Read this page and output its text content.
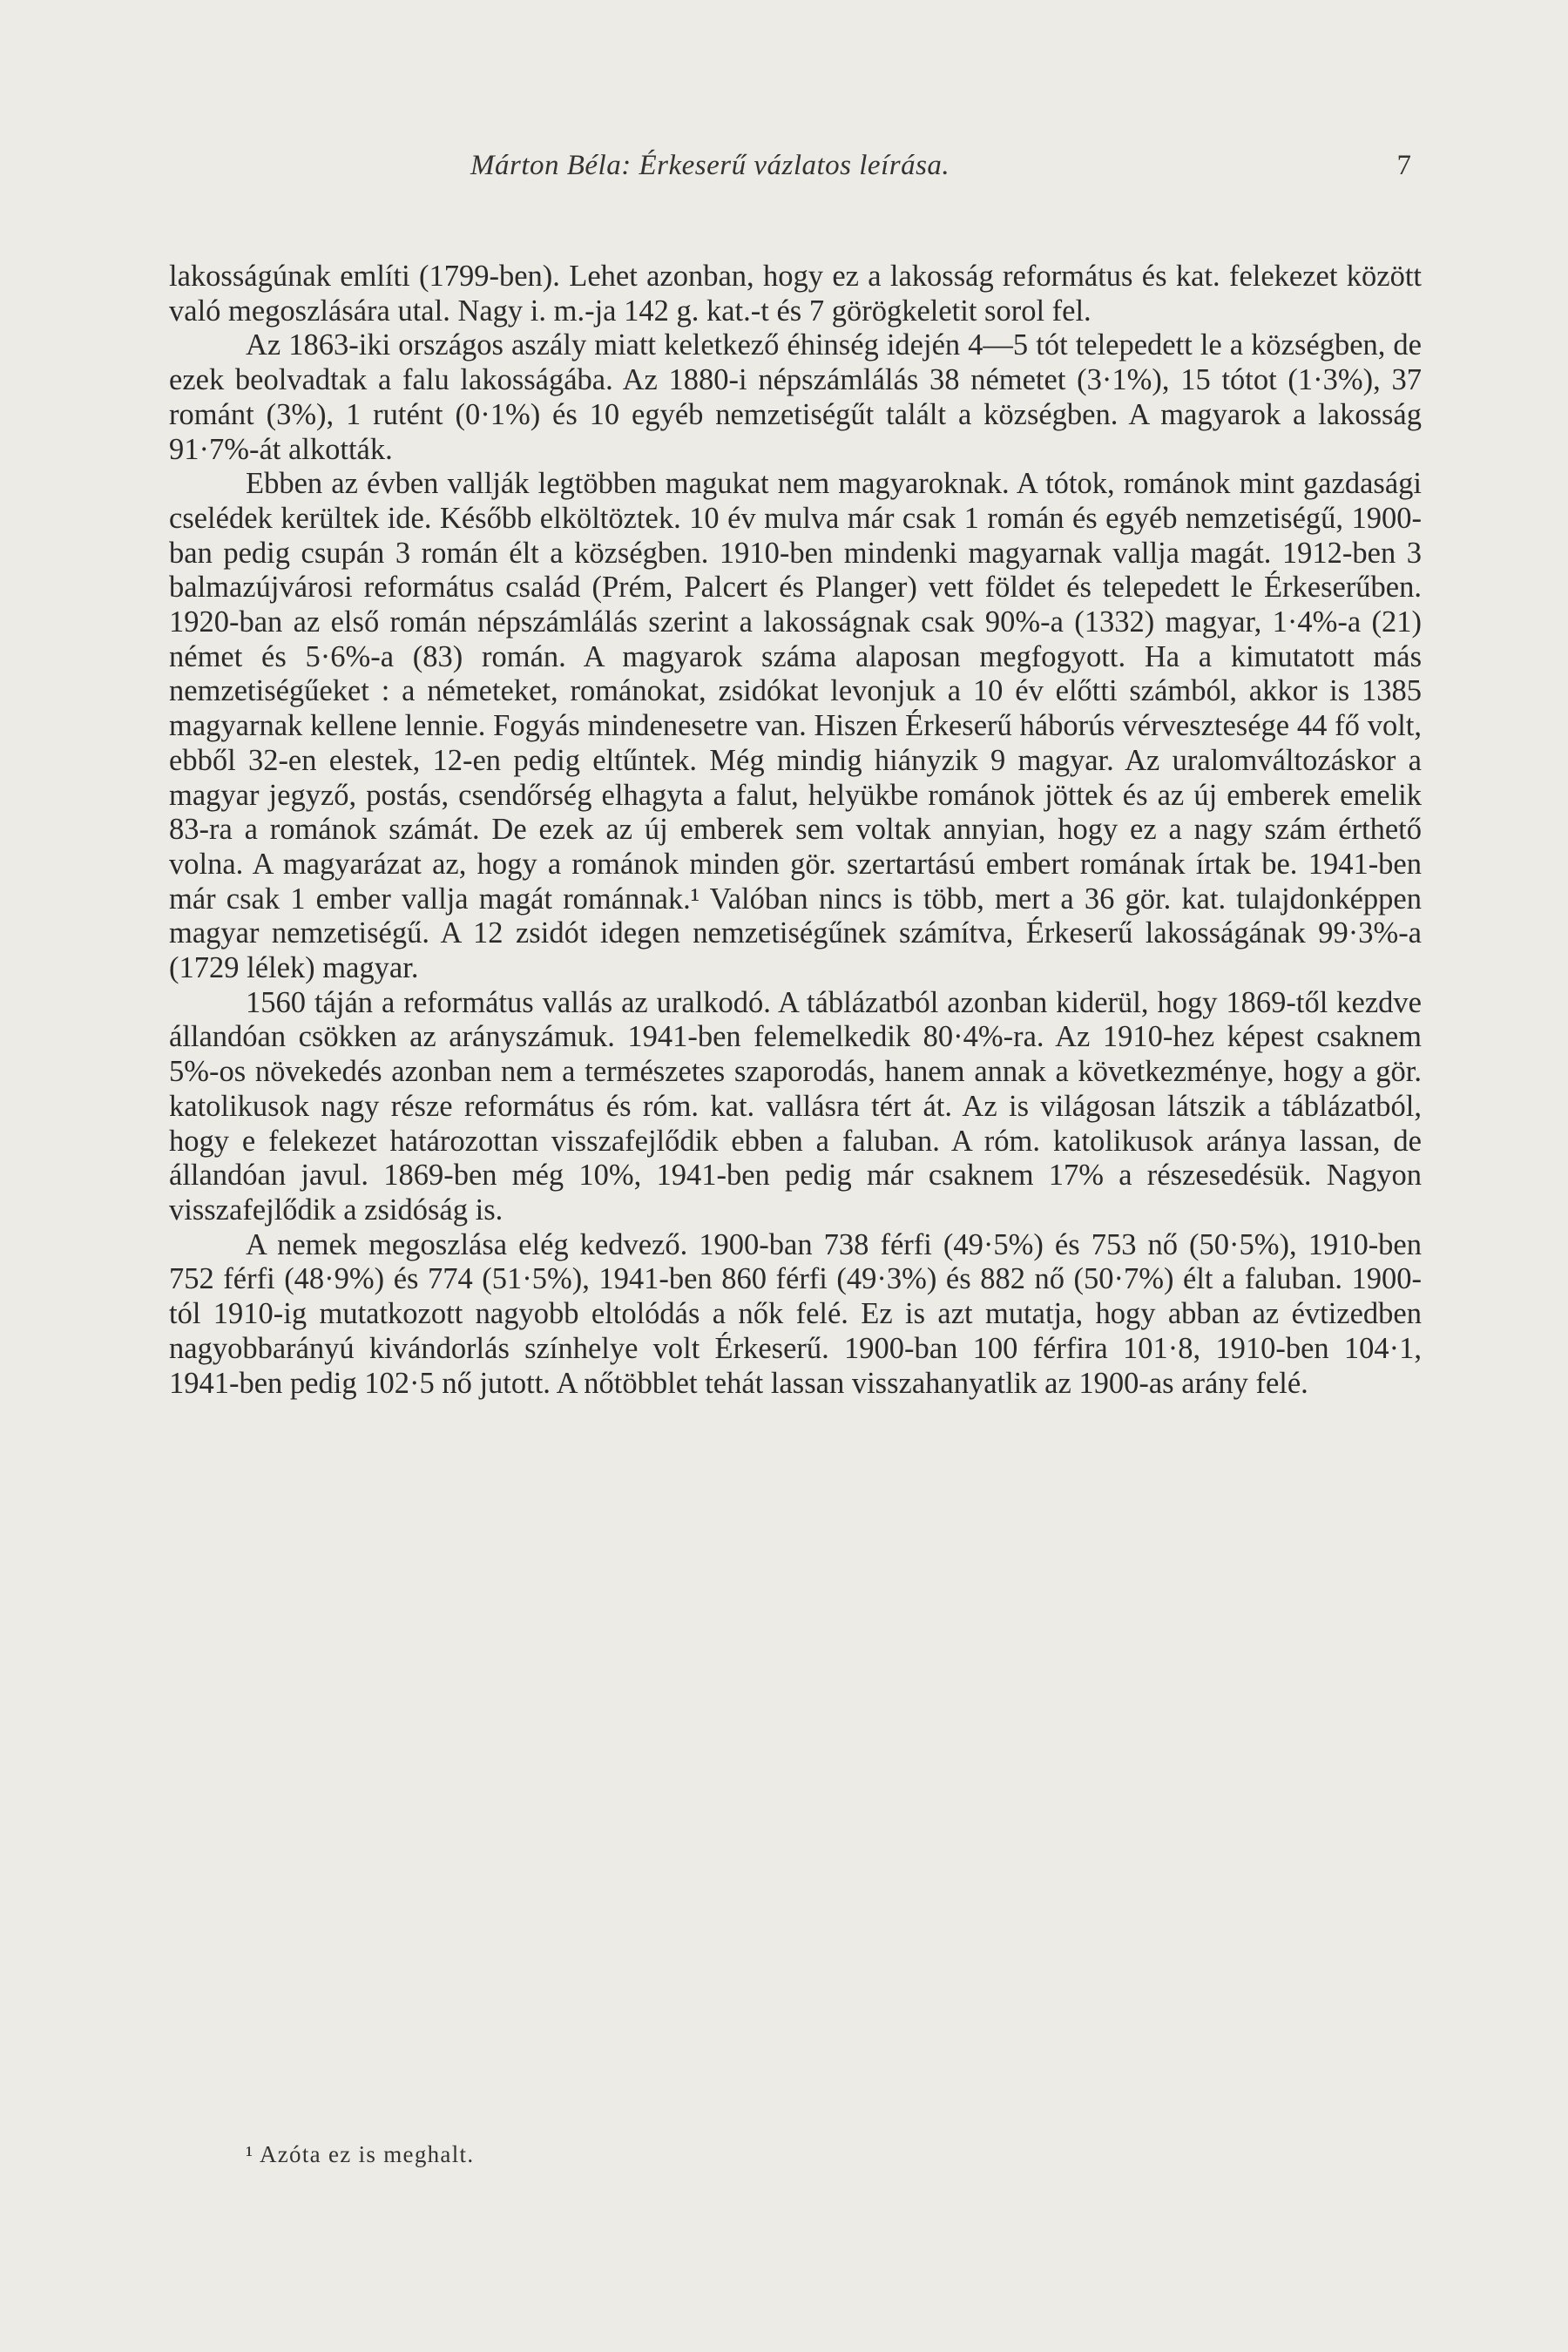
Márton Béla: Érkeserű vázlatos leírása.	7

lakosságúnak említi (1799-ben). Lehet azonban, hogy ez a lakosság református és kat. felekezet között való megoszlására utal. Nagy i. m.-ja 142 g. kat.-t és 7 görögkeletit sorol fel.

Az 1863-iki országos aszály miatt keletkező éhinség idején 4—5 tót telepedett le a községben, de ezek beolvadtak a falu lakosságába. Az 1880-i népszámlálás 38 németet (3·1%), 15 tótot (1·3%), 37 románt (3%), 1 rutént (0·1%) és 10 egyéb nemzetiségűt talált a községben. A magyarok a lakosság 91·7%-át alkották.

Ebben az évben vallják legtöbben magukat nem magyaroknak. A tótok, románok mint gazdasági cselédek kerültek ide. Később elköltöztek. 10 év mulva már csak 1 román és egyéb nemzetiségű, 1900-ban pedig csupán 3 román élt a községben. 1910-ben mindenki magyarnak vallja magát. 1912-ben 3 balmazújvárosi református család (Prém, Palcert és Planger) vett földet és telepedett le Érkeserűben. 1920-ban az első román népszámlálás szerint a lakosságnak csak 90%-a (1332) magyar, 1·4%-a (21) német és 5·6%-a (83) román. A magyarok száma alaposan megfogyott. Ha a kimutatott más nemzetiségűeket : a németeket, románokat, zsidókat levonjuk a 10 év előtti számból, akkor is 1385 magyarnak kellene lennie. Fogyás mindenesetre van. Hiszen Érkeserű háborús vérvesztesége 44 fő volt, ebből 32-en elestek, 12-en pedig eltűntek. Még mindig hiányzik 9 magyar. Az uralomváltozáskor a magyar jegyző, postás, csendőrség elhagyta a falut, helyükbe románok jöttek és az új emberek emelik 83-ra a románok számát. De ezek az új emberek sem voltak annyian, hogy ez a nagy szám érthető volna. A magyarázat az, hogy a románok minden gör. szertartású embert romának írtak be. 1941-ben már csak 1 ember vallja magát románnak.¹ Valóban nincs is több, mert a 36 gör. kat. tulajdonképpen magyar nemzetiségű. A 12 zsidót idegen nemzetiségűnek számítva, Érkeserű lakosságának 99·3%-a (1729 lélek) magyar.

1560 táján a református vallás az uralkodó. A táblázatból azonban kiderül, hogy 1869-től kezdve állandóan csökken az arányszámuk. 1941-ben felemelkedik 80·4%-ra. Az 1910-hez képest csaknem 5%-os növekedés azonban nem a természetes szaporodás, hanem annak a következménye, hogy a gör. katolikusok nagy része református és róm. kat. vallásra tért át. Az is világosan látszik a táblázatból, hogy e felekezet határozottan visszafejlődik ebben a faluban. A róm. katolikusok aránya lassan, de állandóan javul. 1869-ben még 10%, 1941-ben pedig már csaknem 17% a részesedésük. Nagyon visszafejlődik a zsidóság is.

A nemek megoszlása elég kedvező. 1900-ban 738 férfi (49·5%) és 753 nő (50·5%), 1910-ben 752 férfi (48·9%) és 774 (51·5%), 1941-ben 860 férfi (49·3%) és 882 nő (50·7%) élt a faluban. 1900-tól 1910-ig mutatkozott nagyobb eltolódás a nők felé. Ez is azt mutatja, hogy abban az évtizedben nagyobbarányú kivándorlás színhelye volt Érkeserű. 1900-ban 100 férfira 101·8, 1910-ben 104·1, 1941-ben pedig 102·5 nő jutott. A nőtöbblet tehát lassan visszahanyatlik az 1900-as arány felé.

¹ Azóta ez is meghalt.
